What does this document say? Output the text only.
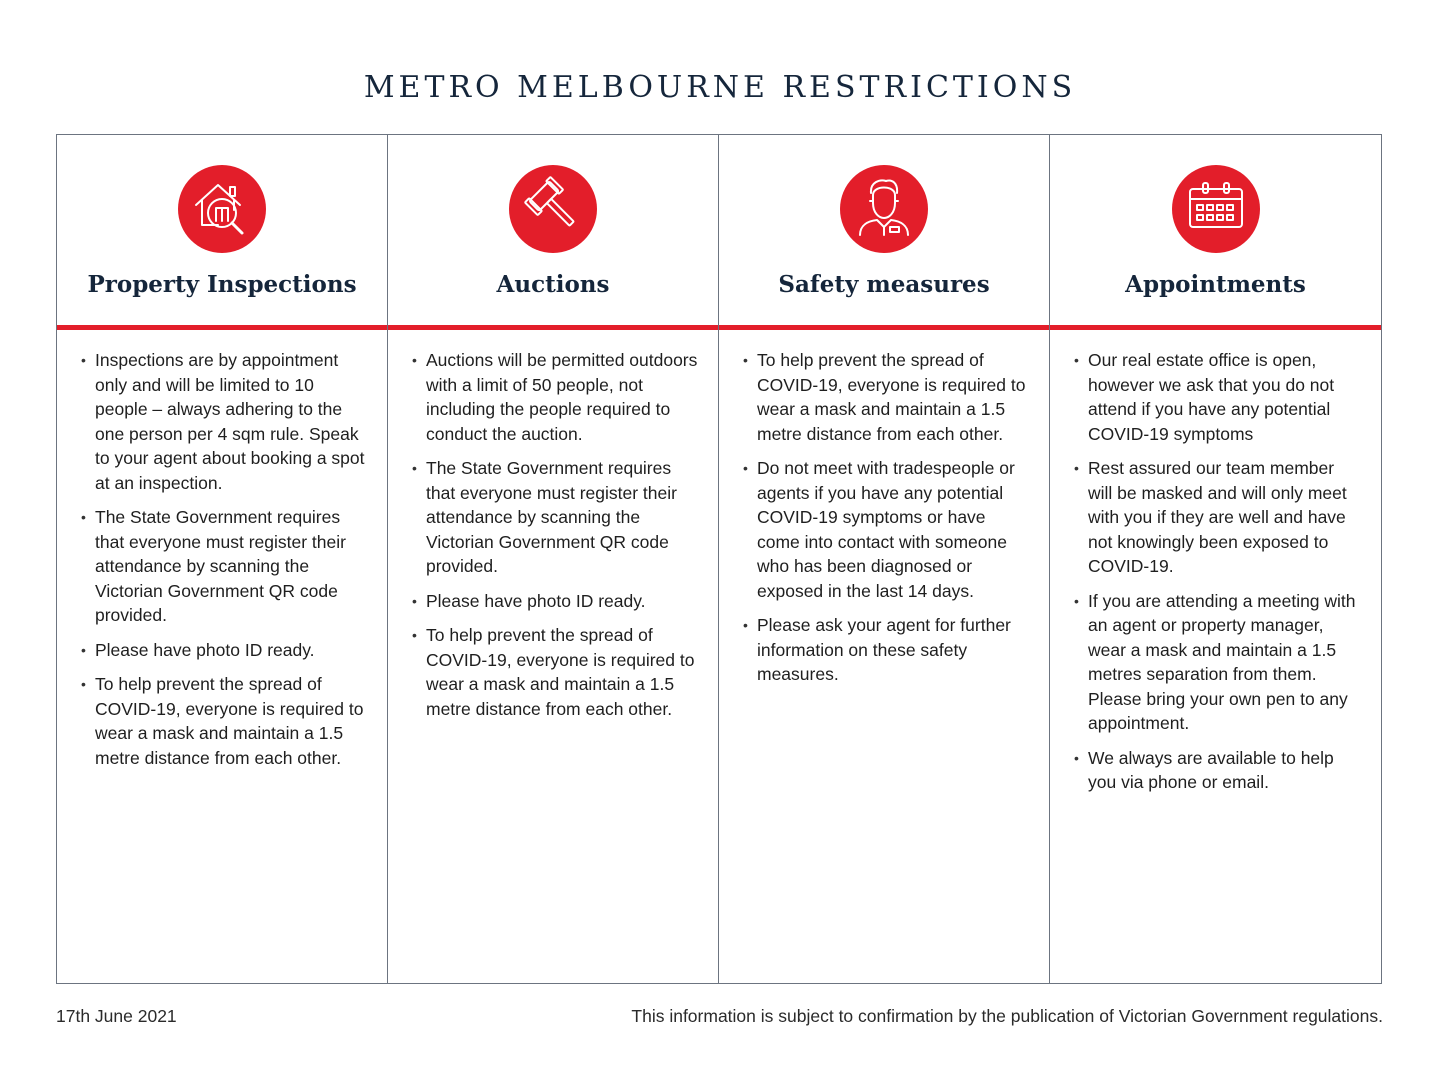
METRO MELBOURNE RESTRICTIONS
Property Inspections
• Inspections are by appointment only and will be limited to 10 people – always adhering to the one person per 4 sqm rule. Speak to your agent about booking a spot at an inspection.
• The State Government requires that everyone must register their attendance by scanning the Victorian Government QR code provided.
• Please have photo ID ready.
• To help prevent the spread of COVID-19, everyone is required to wear a mask and maintain a 1.5 metre distance from each other.
Auctions
• Auctions will be permitted outdoors with a limit of 50 people, not including the people required to conduct the auction.
• The State Government requires that everyone must register their attendance by scanning the Victorian Government QR code provided.
• Please have photo ID ready.
• To help prevent the spread of COVID-19, everyone is required to wear a mask and maintain a 1.5 metre distance from each other.
Safety measures
• To help prevent the spread of COVID-19, everyone is required to wear a mask and maintain a 1.5 metre distance from each other.
• Do not meet with tradespeople or agents if you have any potential COVID-19 symptoms or have come into contact with someone who has been diagnosed or exposed in the last 14 days.
• Please ask your agent for further information on these safety measures.
Appointments
• Our real estate office is open, however we ask that you do not attend if you have any potential COVID-19 symptoms
• Rest assured our team member will be masked and will only meet with you if they are well and have not knowingly been exposed to COVID-19.
• If you are attending a meeting with an agent or property manager, wear a mask and maintain a 1.5 metres separation from them. Please bring your own pen to any appointment.
• We always are available to help you via phone or email.
17th June 2021	This information is subject to confirmation by the publication of Victorian Government regulations.
